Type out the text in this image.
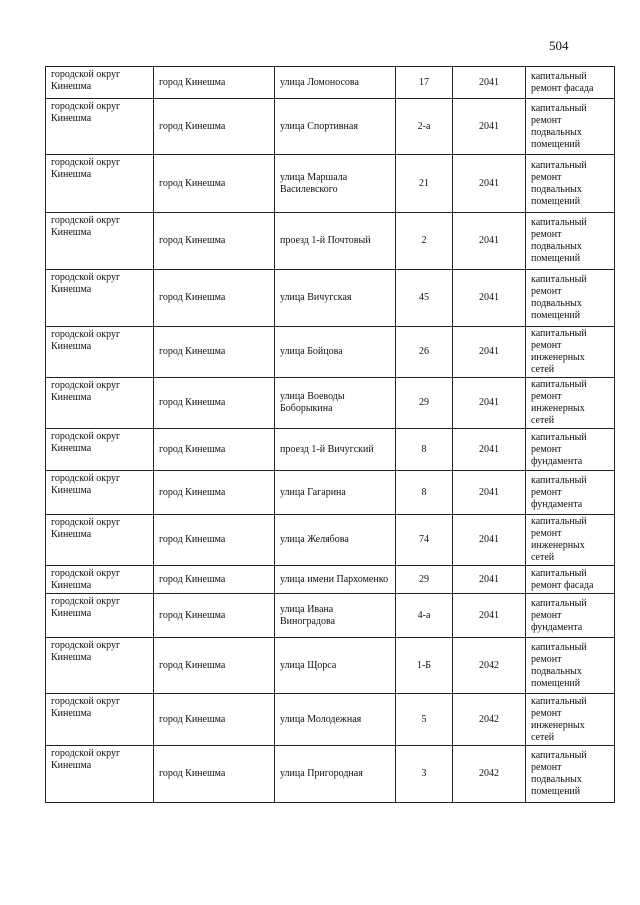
504
городской округ Кинешма	город Кинешма	улица Ломоносова	17	2041	капитальный ремонт фасада
городской округ Кинешма	город Кинешма	улица Спортивная	2-а	2041	капитальный ремонт подвальных помещений
городской округ Кинешма	город Кинешма	улица Маршала Василевского	21	2041	капитальный ремонт подвальных помещений
городской округ Кинешма	город Кинешма	проезд 1-й Почтовый	2	2041	капитальный ремонт подвальных помещений
городской округ Кинешма	город Кинешма	улица Вичугская	45	2041	капитальный ремонт подвальных помещений
городской округ Кинешма	город Кинешма	улица Бойцова	26	2041	капитальный ремонт инженерных сетей
городской округ Кинешма	город Кинешма	улица Воеводы Боборыкина	29	2041	капитальный ремонт инженерных сетей
городской округ Кинешма	город Кинешма	проезд 1-й Вичугский	8	2041	капитальный ремонт фундамента
городской округ Кинешма	город Кинешма	улица Гагарина	8	2041	капитальный ремонт фундамента
городской округ Кинешма	город Кинешма	улица Желябова	74	2041	капитальный ремонт инженерных сетей
городской округ Кинешма	город Кинешма	улица имени Пархоменко	29	2041	капитальный ремонт фасада
городской округ Кинешма	город Кинешма	улица Ивана Виноградова	4-а	2041	капитальный ремонт фундамента
городской округ Кинешма	город Кинешма	улица Щорса	1-Б	2042	капитальный ремонт подвальных помещений
городской округ Кинешма	город Кинешма	улица Молодежная	5	2042	капитальный ремонт инженерных сетей
городской округ Кинешма	город Кинешма	улица Пригородная	3	2042	капитальный ремонт подвальных помещений
